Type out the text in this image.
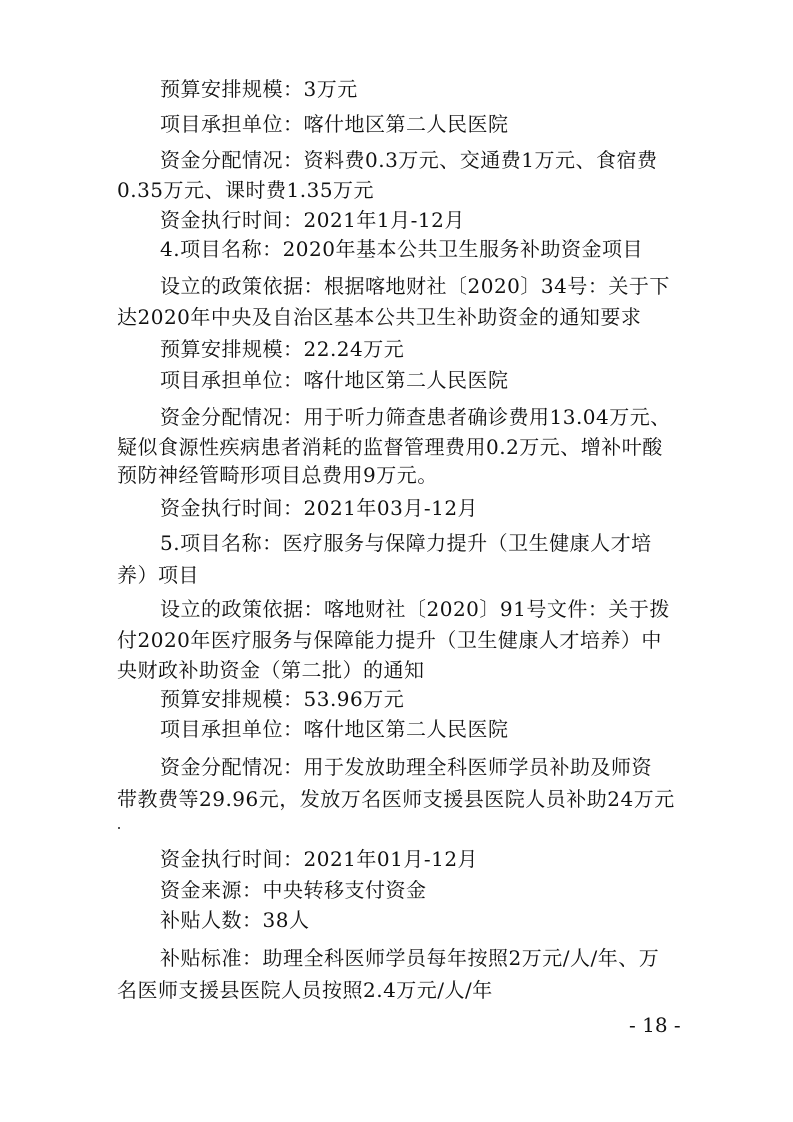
预算安排规模：3万元
项目承担单位：喀什地区第二人民医院
资金分配情况：资料费0.3万元、交通费1万元、食宿费
0.35万元、课时费1.35万元
资金执行时间：2021年1月-12月
4.项目名称：2020年基本公共卫生服务补助资金项目
设立的政策依据：根据喀地财社〔2020〕34号：关于下
达2020年中央及自治区基本公共卫生补助资金的通知要求
预算安排规模：22.24万元
项目承担单位：喀什地区第二人民医院
资金分配情况：用于听力筛查患者确诊费用13.04万元、
疑似食源性疾病患者消耗的监督管理费用0.2万元、增补叶酸
预防神经管畸形项目总费用9万元。
资金执行时间：2021年03月-12月
5.项目名称：医疗服务与保障力提升（卫生健康人才培
养）项目
设立的政策依据：喀地财社〔2020〕91号文件：关于拨
付2020年医疗服务与保障能力提升（卫生健康人才培养）中
央财政补助资金（第二批）的通知
预算安排规模：53.96万元
项目承担单位：喀什地区第二人民医院
资金分配情况：用于发放助理全科医师学员补助及师资
带教费等29.96元，发放万名医师支援县医院人员补助24万元
资金执行时间：2021年01月-12月
资金来源：中央转移支付资金
补贴人数：38人
补贴标准：助理全科医师学员每年按照2万元/人/年、万
名医师支援县医院人员按照2.4万元/人/年
- 18 -
